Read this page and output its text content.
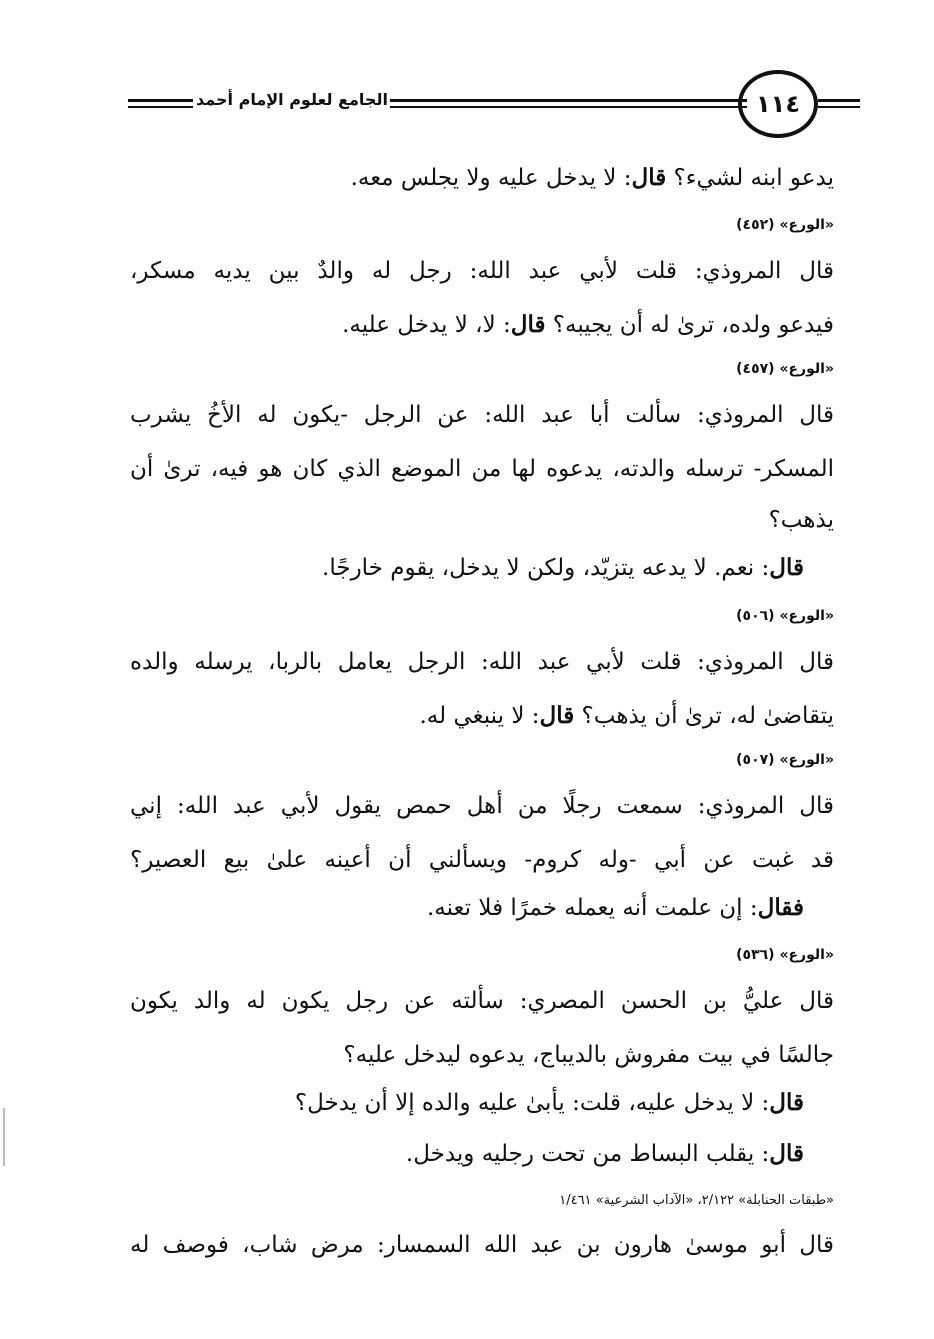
الجامع لعلوم الإمام أحمد	١١٤
يدعو ابنه لشيء؟ قال: لا يدخل عليه ولا يجلس معه.
«الورع» (٤٥٢)
قال المروذي: قلت لأبي عبد الله: رجل له والدٌ بين يديه مسكر،
فيدعو ولده، ترىٰ له أن يجيبه؟ قال: لا، لا يدخل عليه.
«الورع» (٤٥٧)
قال المروذي: سألت أبا عبد الله: عن الرجل -يكون له الأخُ يشرب
المسكر- ترسله والدته، يدعوه لها من الموضع الذي كان هو فيه، ترىٰ أن
يذهب؟
قال: نعم. لا يدعه يتزيّد، ولكن لا يدخل، يقوم خارجًا.
«الورع» (٥٠٦)
قال المروذي: قلت لأبي عبد الله: الرجل يعامل بالربا، يرسله والده
يتقاضىٰ له، ترىٰ أن يذهب؟ قال: لا ينبغي له.
«الورع» (٥٠٧)
قال المروذي: سمعت رجلًا من أهل حمص يقول لأبي عبد الله: إني
قد غبت عن أبي -وله كروم- ويسألني أن أعينه علىٰ بيع العصير؟
فقال: إن علمت أنه يعمله خمرًا فلا تعنه.
«الورع» (٥٣٦)
قال عليُّ بن الحسن المصري: سألته عن رجل يكون له والد يكون
جالسًا في بيت مفروش بالديباج، يدعوه ليدخل عليه؟
قال: لا يدخل عليه، قلت: يأبىٰ عليه والده إلا أن يدخل؟
قال: يقلب البساط من تحت رجليه ويدخل.
«طبقات الحنابلة» ٢/١٢٢، «الآداب الشرعية» ١/٤٦١
قال أبو موسىٰ هارون بن عبد الله السمسار: مرض شاب، فوصف له
